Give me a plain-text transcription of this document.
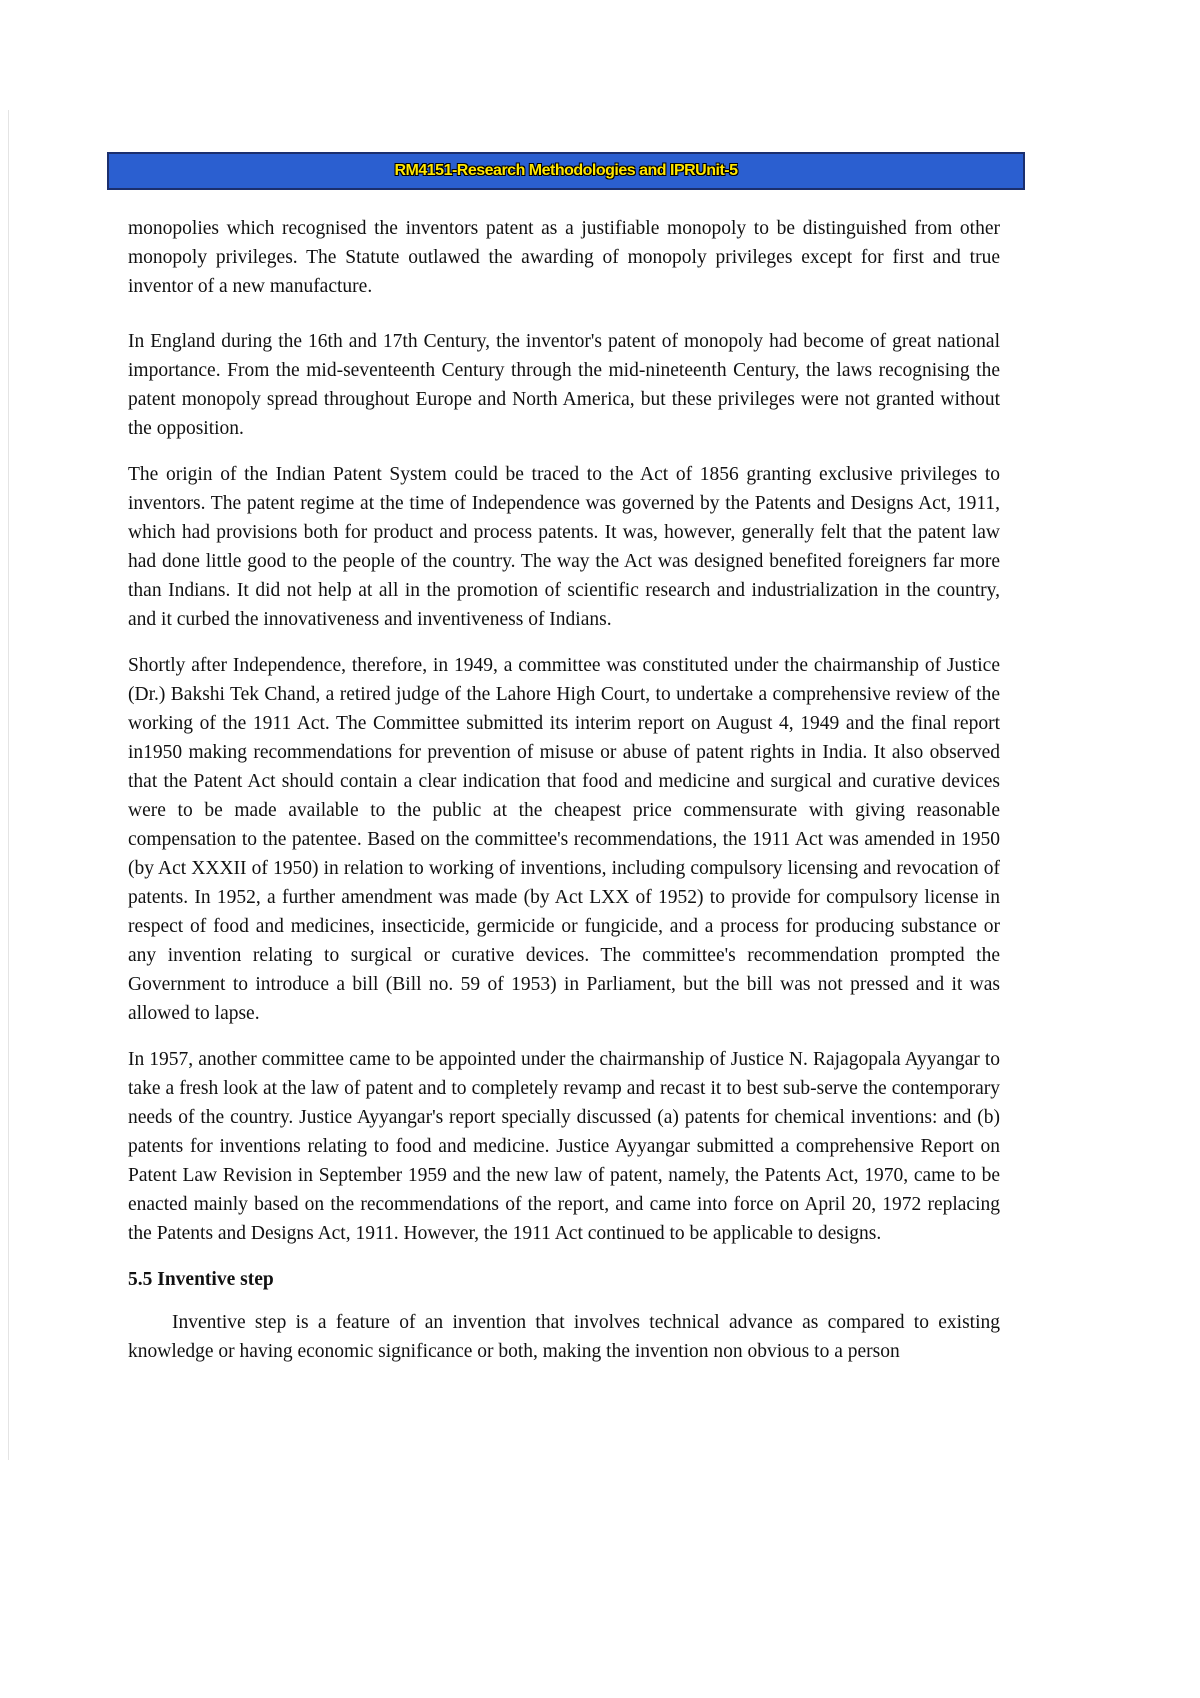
RM4151-Research Methodologies and IPRUnit-5

monopolies which recognised the inventors patent as a justifiable monopoly to be distinguished from other monopoly privileges. The Statute outlawed the awarding of monopoly privileges except for first and true inventor of a new manufacture.

In England during the 16th and 17th Century, the inventor's patent of monopoly had become of great national importance. From the mid-seventeenth Century through the mid-nineteenth Century, the laws recognising the patent monopoly spread throughout Europe and North America, but these privileges were not granted without the opposition.

The origin of the Indian Patent System could be traced to the Act of 1856 granting exclusive privileges to inventors. The patent regime at the time of Independence was governed by the Patents and Designs Act, 1911, which had provisions both for product and process patents. It was, however, generally felt that the patent law had done little good to the people of the country. The way the Act was designed benefited foreigners far more than Indians. It did not help at all in the promotion of scientific research and industrialization in the country, and it curbed the innovativeness and inventiveness of Indians.

Shortly after Independence, therefore, in 1949, a committee was constituted under the chairmanship of Justice (Dr.) Bakshi Tek Chand, a retired judge of the Lahore High Court, to undertake a comprehensive review of the working of the 1911 Act. The Committee submitted its interim report on August 4, 1949 and the final report in1950 making recommendations for prevention of misuse or abuse of patent rights in India. It also observed that the Patent Act should contain a clear indication that food and medicine and surgical and curative devices were to be made available to the public at the cheapest price commensurate with giving reasonable compensation to the patentee. Based on the committee's recommendations, the 1911 Act was amended in 1950 (by Act XXXII of 1950) in relation to working of inventions, including compulsory licensing and revocation of patents. In 1952, a further amendment was made (by Act LXX of 1952) to provide for compulsory license in respect of food and medicines, insecticide, germicide or fungicide, and a process for producing substance or any invention relating to surgical or curative devices. The committee's recommendation prompted the Government to introduce a bill (Bill no. 59 of 1953) in Parliament, but the bill was not pressed and it was allowed to lapse.

In 1957, another committee came to be appointed under the chairmanship of Justice N. Rajagopala Ayyangar to take a fresh look at the law of patent and to completely revamp and recast it to best sub-serve the contemporary needs of the country. Justice Ayyangar's report specially discussed (a) patents for chemical inventions: and (b) patents for inventions relating to food and medicine. Justice Ayyangar submitted a comprehensive Report on Patent Law Revision in September 1959 and the new law of patent, namely, the Patents Act, 1970, came to be enacted mainly based on the recommendations of the report, and came into force on April 20, 1972 replacing the Patents and Designs Act, 1911. However, the 1911 Act continued to be applicable to designs.

5.5 Inventive step

Inventive step is a feature of an invention that involves technical advance as compared to existing knowledge or having economic significance or both, making the invention non obvious to a person
